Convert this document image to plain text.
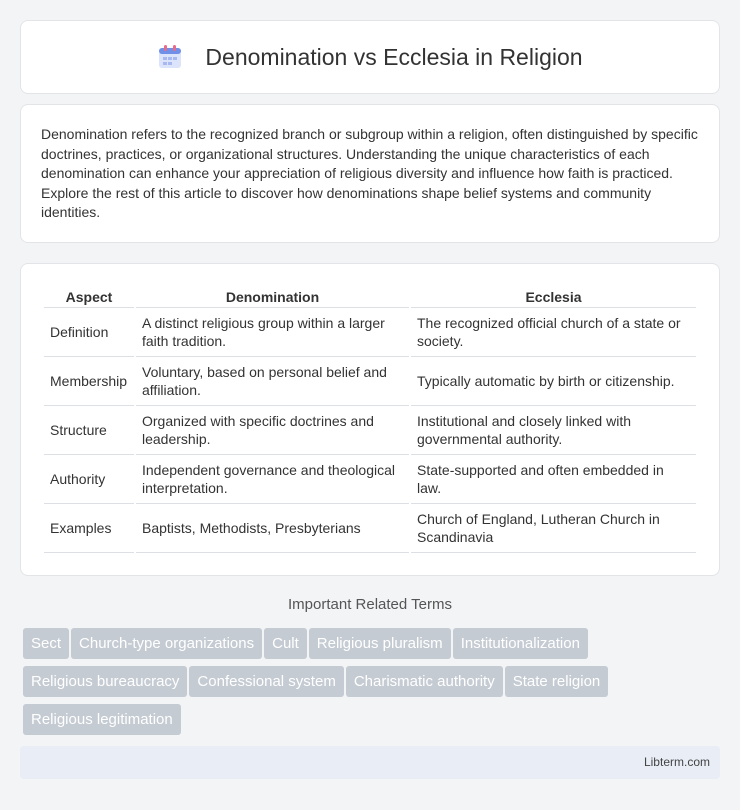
Denomination vs Ecclesia in Religion

Denomination refers to the recognized branch or subgroup within a religion, often distinguished by specific doctrines, practices, or organizational structures. Understanding the unique characteristics of each denomination can enhance your appreciation of religious diversity and influence how faith is practiced. Explore the rest of this article to discover how denominations shape belief systems and community identities.

Aspect	Denomination	Ecclesia
Definition	A distinct religious group within a larger faith tradition.	The recognized official church of a state or society.
Membership	Voluntary, based on personal belief and affiliation.	Typically automatic by birth or citizenship.
Structure	Organized with specific doctrines and leadership.	Institutional and closely linked with governmental authority.
Authority	Independent governance and theological interpretation.	State-supported and often embedded in law.
Examples	Baptists, Methodists, Presbyterians	Church of England, Lutheran Church in Scandinavia
Important Related Terms
Sect Church-type organizations Cult Religious pluralism Institutionalization
Religious bureaucracy Confessional system Charismatic authority State religion
Religious legitimation
Libterm.com
